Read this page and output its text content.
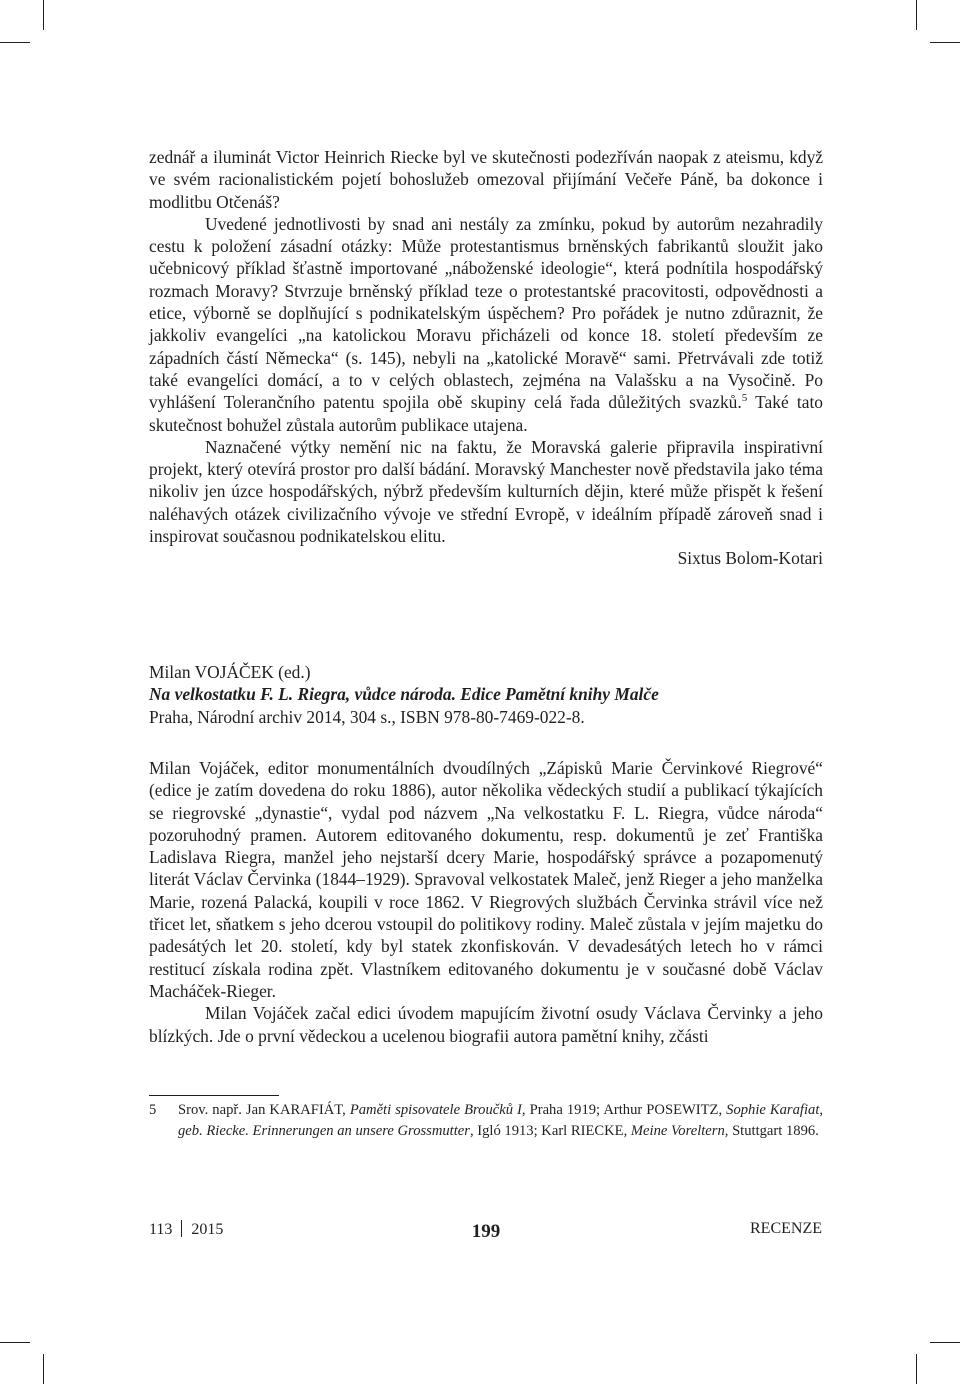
zednář a iluminát Victor Heinrich Riecke byl ve skutečnosti podezříván naopak z ateismu, když ve svém racionalistickém pojetí bohoslužeb omezoval přijímání Večeře Páně, ba dokonce i modlitbu Otčenáš?

Uvedené jednotlivosti by snad ani nestály za zmínku, pokud by autorům nezahradily cestu k položení zásadní otázky: Může protestantismus brněnských fabrikantů sloužit jako učebnicový příklad šťastně importované „náboženské ideologie“, která podnítila hospodářský rozmach Moravy? Stvrzuje brněnský příklad teze o protestantské pracovitosti, odpovědnosti a etice, výborně se doplňující s podnikatelským úspěchem? Pro pořádek je nutno zdůraznit, že jakkoliv evangelíci „na katolickou Moravu přicházeli od konce 18. století především ze západních částí Německa“ (s. 145), nebyli na „katolické Moravě“ sami. Přetrvávali zde totiž také evangelíci domácí, a to v celých oblastech, zejména na Valašsku a na Vysočině. Po vyhlášení Tolerančního patentu spojila obě skupiny celá řada důležitých svazků.$^5$ Také tato skutečnost bohužel zůstala autorům publikace utajena.

Naznačené výtky nemění nic na faktu, že Moravská galerie připravila inspirativní projekt, který otevírá prostor pro další bádání. Moravský Manchester nově představila jako téma nikoliv jen úzce hospodářských, nýbrž především kulturních dějin, které může přispět k řešení naléhavých otázek civilizačního vývoje ve střední Evropě, v ideálním případě zároveň snad i inspirovat současnou podnikatelskou elitu.

Sixtus Bolom-Kotari

Milan VOJÁČEK (ed.)
Na velkostatku F. L. Riegra, vůdce národa. Edice Pamětní knihy Malče
Praha, Národní archiv 2014, 304 s., ISBN 978-80-7469-022-8.

Milan Vojáček, editor monumentálních dvoudílných „Zápisků Marie Červinkové Riegrové“ (edice je zatím dovedena do roku 1886), autor několika vědeckých studií a publikací týkajících se riegrovské „dynastie“, vydal pod názvem „Na velkostatku F. L. Riegra, vůdce národa“ pozoruhodný pramen. Autorem editovaného dokumentu, resp. dokumentů je zeť Františka Ladislava Riegra, manžel jeho nejstarší dcery Marie, hospodářský správce a pozapomenutý literát Václav Červinka (1844–1929). Spravoval velkostatek Maleč, jenž Rieger a jeho manželka Marie, rozená Palacká, koupili v roce 1862. V Riegrových službách Červinka strávil více než třicet let, sňatkem s jeho dcerou vstoupil do politikovy rodiny. Maleč zůstala v jejím majetku do padesátých let 20. století, kdy byl statek zkonfiskován. V devadesátých letech ho v rámci restitucí získala rodina zpět. Vlastníkem editovaného dokumentu je v současné době Václav Macháček-Rieger.

Milan Vojáček začal edici úvodem mapujícím životní osudy Václava Červinky a jeho blízkých. Jde o první vědeckou a ucelenou biografii autora pamětní knihy, zčásti

5 Srov. např. Jan KARAFIÁT, Paměti spisovatele Broučků I, Praha 1919; Arthur POSEWITZ, Sophie Karafiat, geb. Riecke. Erinnerungen an unsere Grossmutter, Igló 1913; Karl RIECKE, Meine Voreltern, Stuttgart 1896.
113 2015	199	RECENZE
